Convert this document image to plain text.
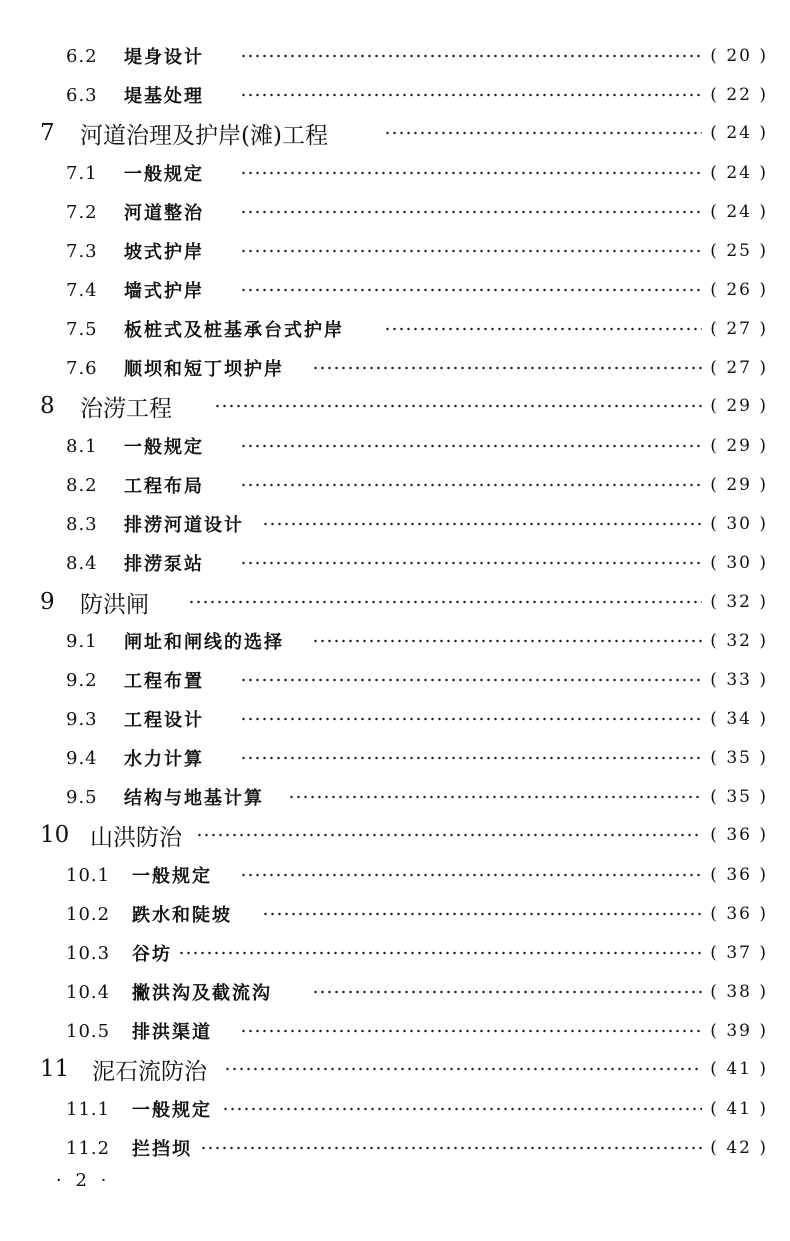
6.2 堤身设计	( 20 )
6.3 堤基处理	( 22 )
7 河道治理及护岸(滩)工程	( 24 )
7.1 一般规定	( 24 )
7.2 河道整治	( 24 )
7.3 坡式护岸	( 25 )
7.4 墙式护岸	( 26 )
7.5 板桩式及桩基承台式护岸	( 27 )
7.6 顺坝和短丁坝护岸	( 27 )
8 治涝工程	( 29 )
8.1 一般规定	( 29 )
8.2 工程布局	( 29 )
8.3 排涝河道设计	( 30 )
8.4 排涝泵站	( 30 )
9 防洪闸	( 32 )
9.1 闸址和闸线的选择	( 32 )
9.2 工程布置	( 33 )
9.3 工程设计	( 34 )
9.4 水力计算	( 35 )
9.5 结构与地基计算	( 35 )
10 山洪防治	( 36 )
10.1 一般规定	( 36 )
10.2 跌水和陡坡	( 36 )
10.3 谷坊	( 37 )
10.4 撇洪沟及截流沟	( 38 )
10.5 排洪渠道	( 39 )
11 泥石流防治	( 41 )
11.1 一般规定	( 41 )
11.2 拦挡坝	( 42 )
· 2 ·
